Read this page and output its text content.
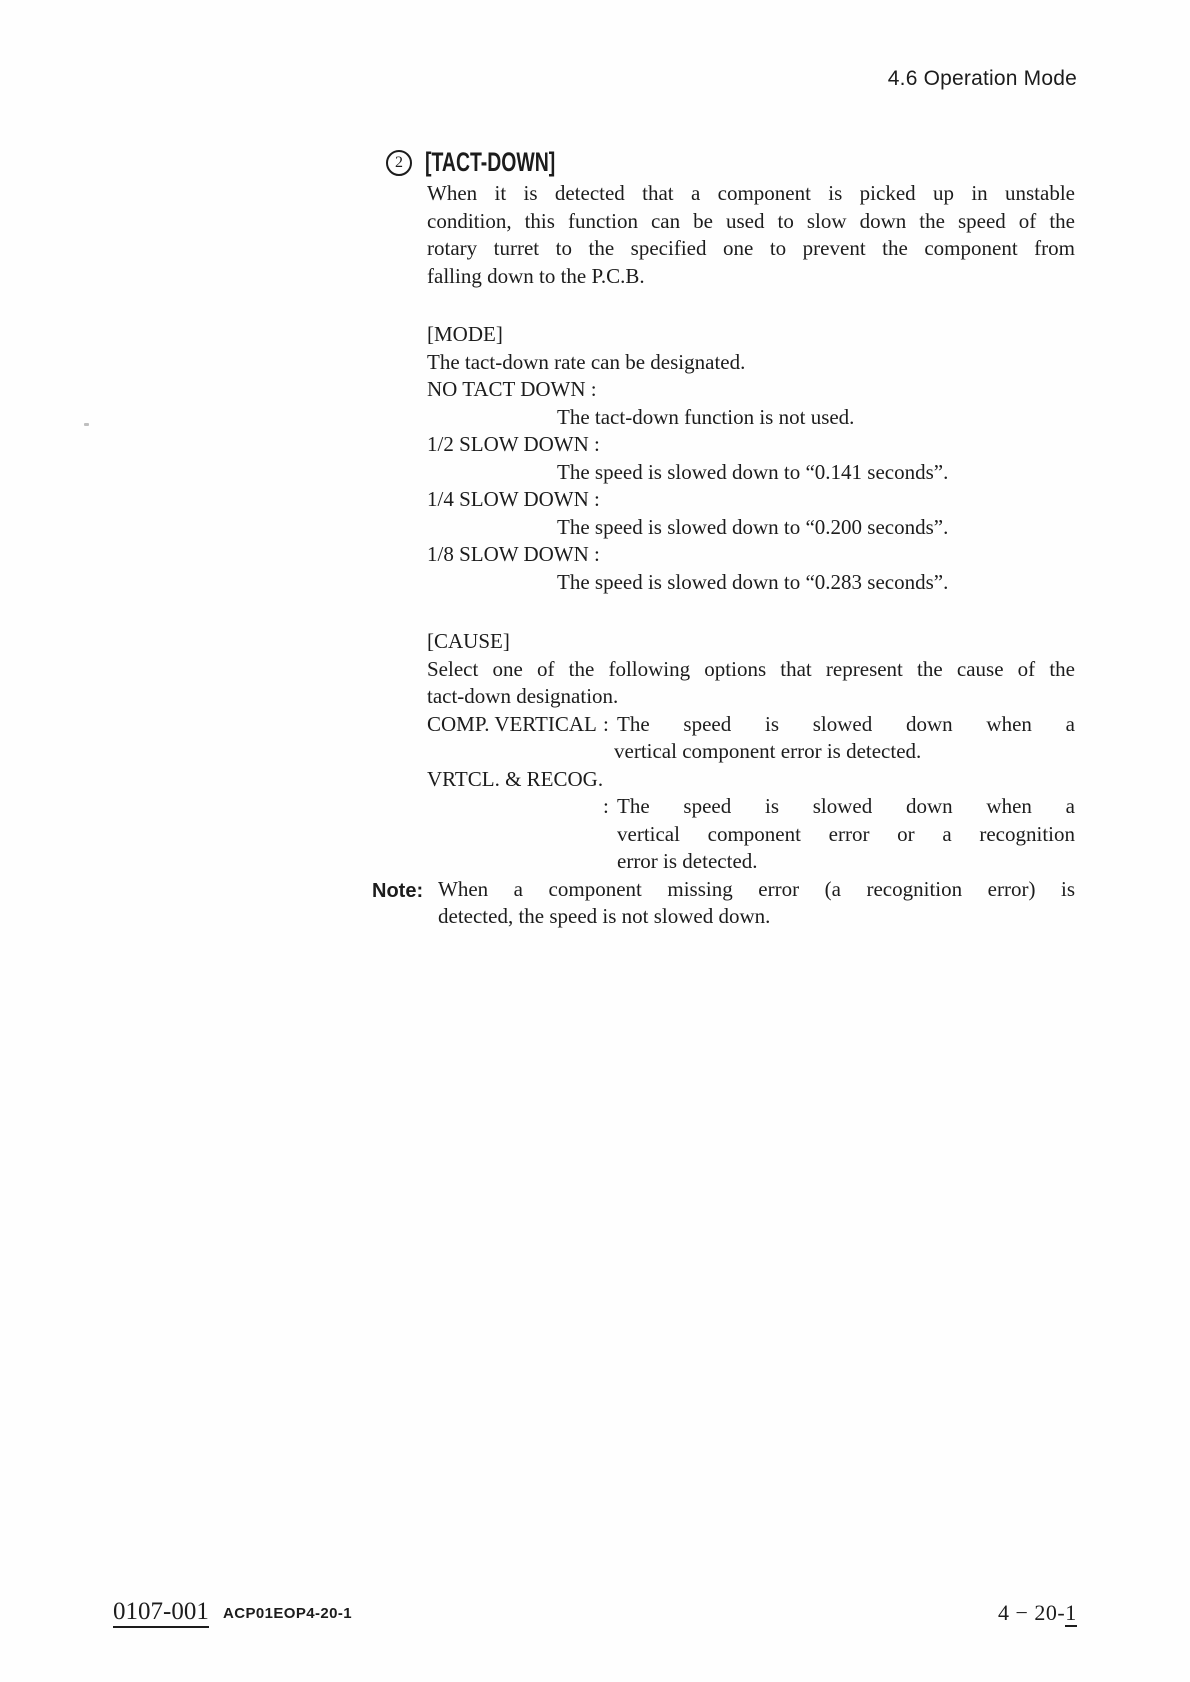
4.6 Operation Mode
2 [TACT-DOWN]
When it is detected that a component is picked up in unstable
condition, this function can be used to slow down the speed of the
rotary turret to the specified one to prevent the component from
falling down to the P.C.B.
[MODE]
The tact-down rate can be designated.
NO TACT DOWN :
The tact-down function is not used.
1/2 SLOW DOWN :
The speed is slowed down to “0.141 seconds”.
1/4 SLOW DOWN :
The speed is slowed down to “0.200 seconds”.
1/8 SLOW DOWN :
The speed is slowed down to “0.283 seconds”.
[CAUSE]
Select one of the following options that represent the cause of the
tact-down designation.
COMP. VERTICAL : The speed is slowed down when a
vertical component error is detected.
VRTCL. & RECOG.
: The speed is slowed down when a
vertical component error or a recognition
error is detected.
Note: When a component missing error (a recognition error) is
detected, the speed is not slowed down.
0107-001 ACP01EOP4-20-1	4 − 20-1
